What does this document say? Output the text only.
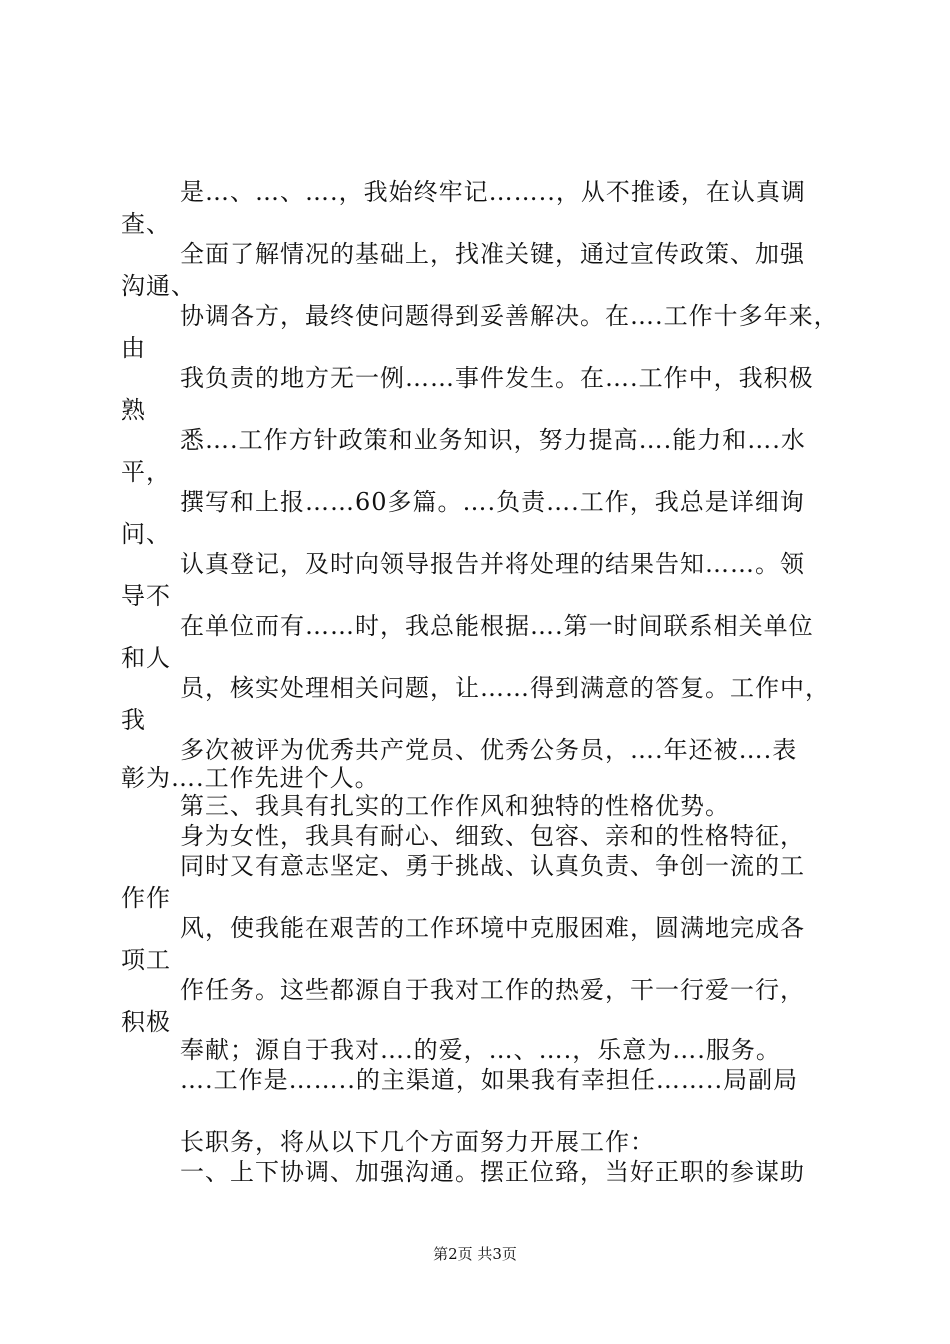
是…、…、….，我始终牢记……..，从不推诿，在认真调
查、
全面了解情况的基础上，找准关键，通过宣传政策、加强
沟通、
协调各方，最终使问题得到妥善解决。在….工作十多年来，
由
我负责的地方无一例……事件发生。在….工作中，我积极
熟
悉….工作方针政策和业务知识，努力提高….能力和….水
平，
撰写和上报……60多篇。….负责….工作，我总是详细询
问、
认真登记，及时向领导报告并将处理的结果告知……。领
导不
在单位而有……时，我总能根据….第一时间联系相关单位
和人
员，核实处理相关问题，让……得到满意的答复。工作中，
我
多次被评为优秀共产党员、优秀公务员，….年还被….表
彰为….工作先进个人。
第三、我具有扎实的工作作风和独特的性格优势。
身为女性，我具有耐心、细致、包容、亲和的性格特征，
同时又有意志坚定、勇于挑战、认真负责、争创一流的工
作作
风，使我能在艰苦的工作环境中克服困难，圆满地完成各
项工
作任务。这些都源自于我对工作的热爱，干一行爱一行，
积极
奉献；源自于我对….的爱，…、….，乐意为….服务。
….工作是……..的主渠道，如果我有幸担任……..局副局
长职务，将从以下几个方面努力开展工作：
一、上下协调、加强沟通。摆正位臵，当好正职的参谋助
第2页 共3页
